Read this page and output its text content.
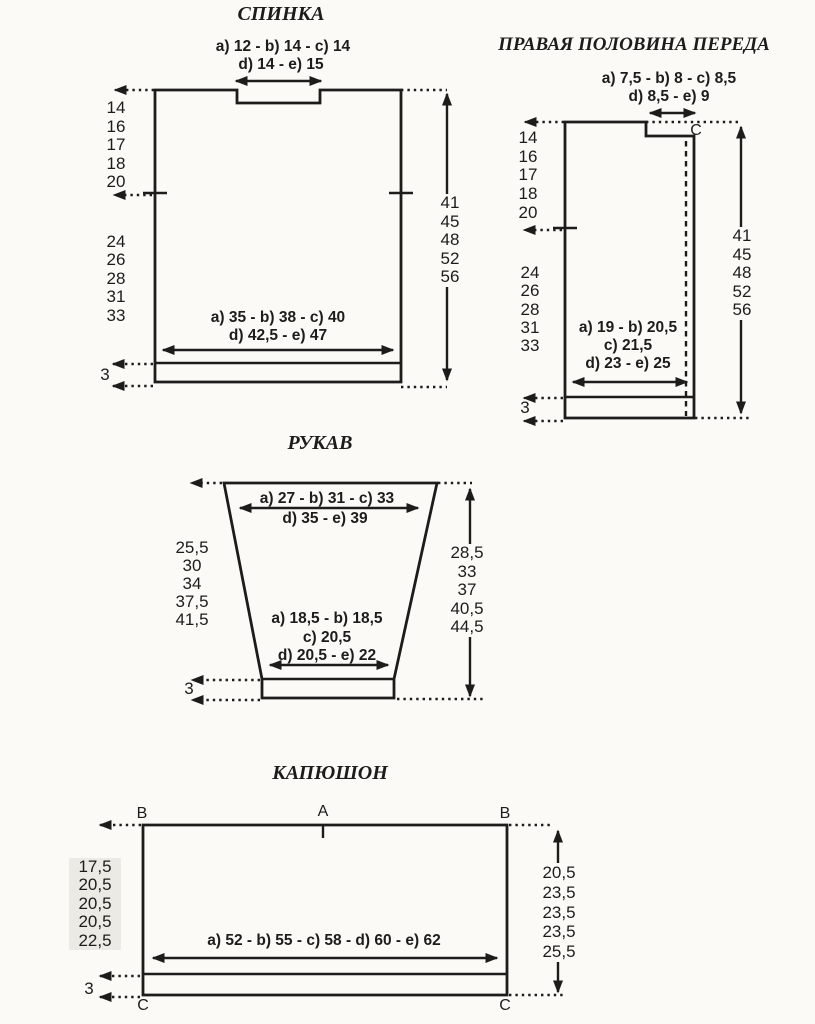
СПИНКА
a) 12 - b) 14 - c) 14
d) 14 - e) 15
14
16
17
18
20
24
26
28
31
33
41
45
48
52
56
a) 35 - b) 38 - c) 40
d) 42,5 - e) 47
3
ПРАВАЯ ПОЛОВИНА ПЕРЕДА
a) 7,5 - b) 8 - c) 8,5
d) 8,5 - e) 9
C
14
16
17
18
20
24
26
28
31
33
41
45
48
52
56
a) 19 - b) 20,5
c) 21,5
d) 23 - e) 25
3
РУКАВ
a) 27 - b) 31 - c) 33
d) 35 - e) 39
25,5
30
34
37,5
41,5
28,5
33
37
40,5
44,5
a) 18,5 - b) 18,5
c) 20,5
d) 20,5 - e) 22
3
КАПЮШОН
B	A	B
17,5
20,5
20,5
20,5
22,5
20,5
23,5
23,5
23,5
25,5
a) 52 - b) 55 - c) 58 - d) 60 - e) 62
3
C	C
